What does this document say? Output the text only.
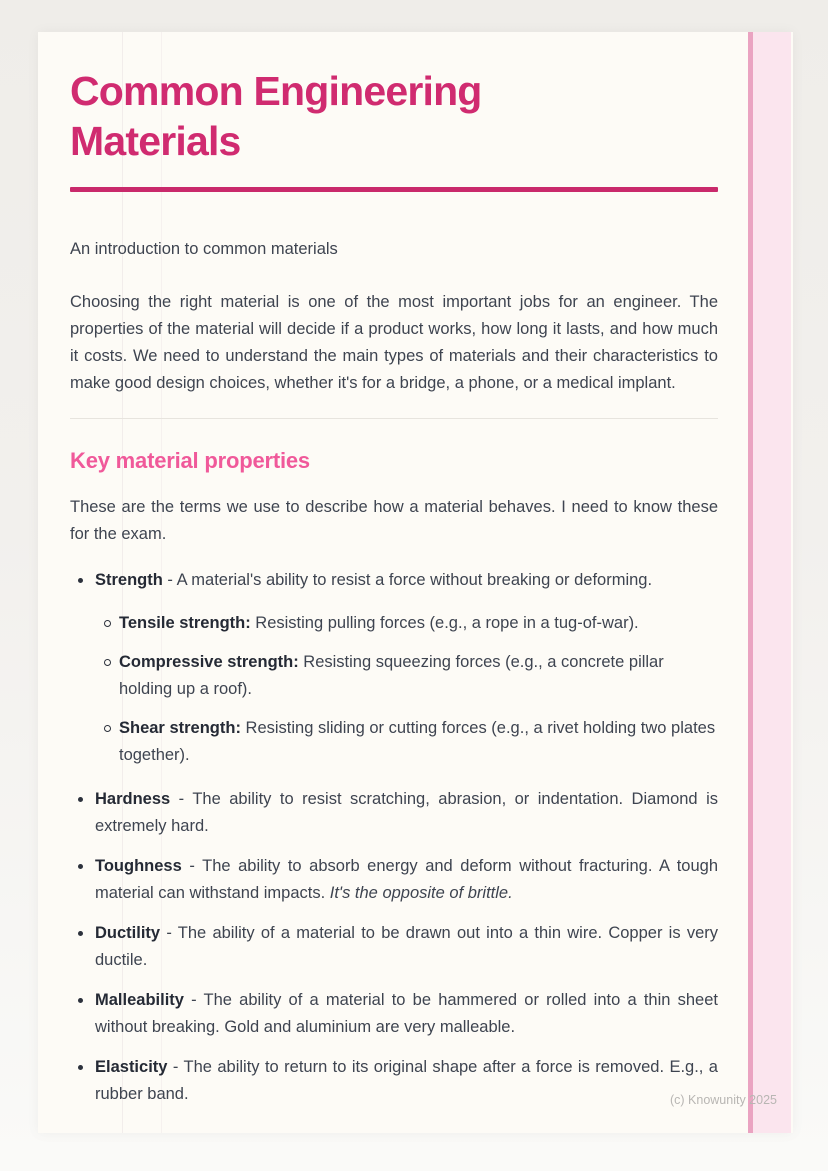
Common Engineering Materials

An introduction to common materials

Choosing the right material is one of the most important jobs for an engineer. The properties of the material will decide if a product works, how long it lasts, and how much it costs. We need to understand the main types of materials and their characteristics to make good design choices, whether it's for a bridge, a phone, or a medical implant.

Key material properties

These are the terms we use to describe how a material behaves. I need to know these for the exam.

Strength - A material's ability to resist a force without breaking or deforming.
Tensile strength: Resisting pulling forces (e.g., a rope in a tug-of-war).
Compressive strength: Resisting squeezing forces (e.g., a concrete pillar holding up a roof).
Shear strength: Resisting sliding or cutting forces (e.g., a rivet holding two plates together).
Hardness - The ability to resist scratching, abrasion, or indentation. Diamond is extremely hard.
Toughness - The ability to absorb energy and deform without fracturing. A tough material can withstand impacts. It's the opposite of brittle.
Ductility - The ability of a material to be drawn out into a thin wire. Copper is very ductile.
Malleability - The ability of a material to be hammered or rolled into a thin sheet without breaking. Gold and aluminium are very malleable.
Elasticity - The ability to return to its original shape after a force is removed. E.g., a rubber band.	(c) Knowunity 2025
